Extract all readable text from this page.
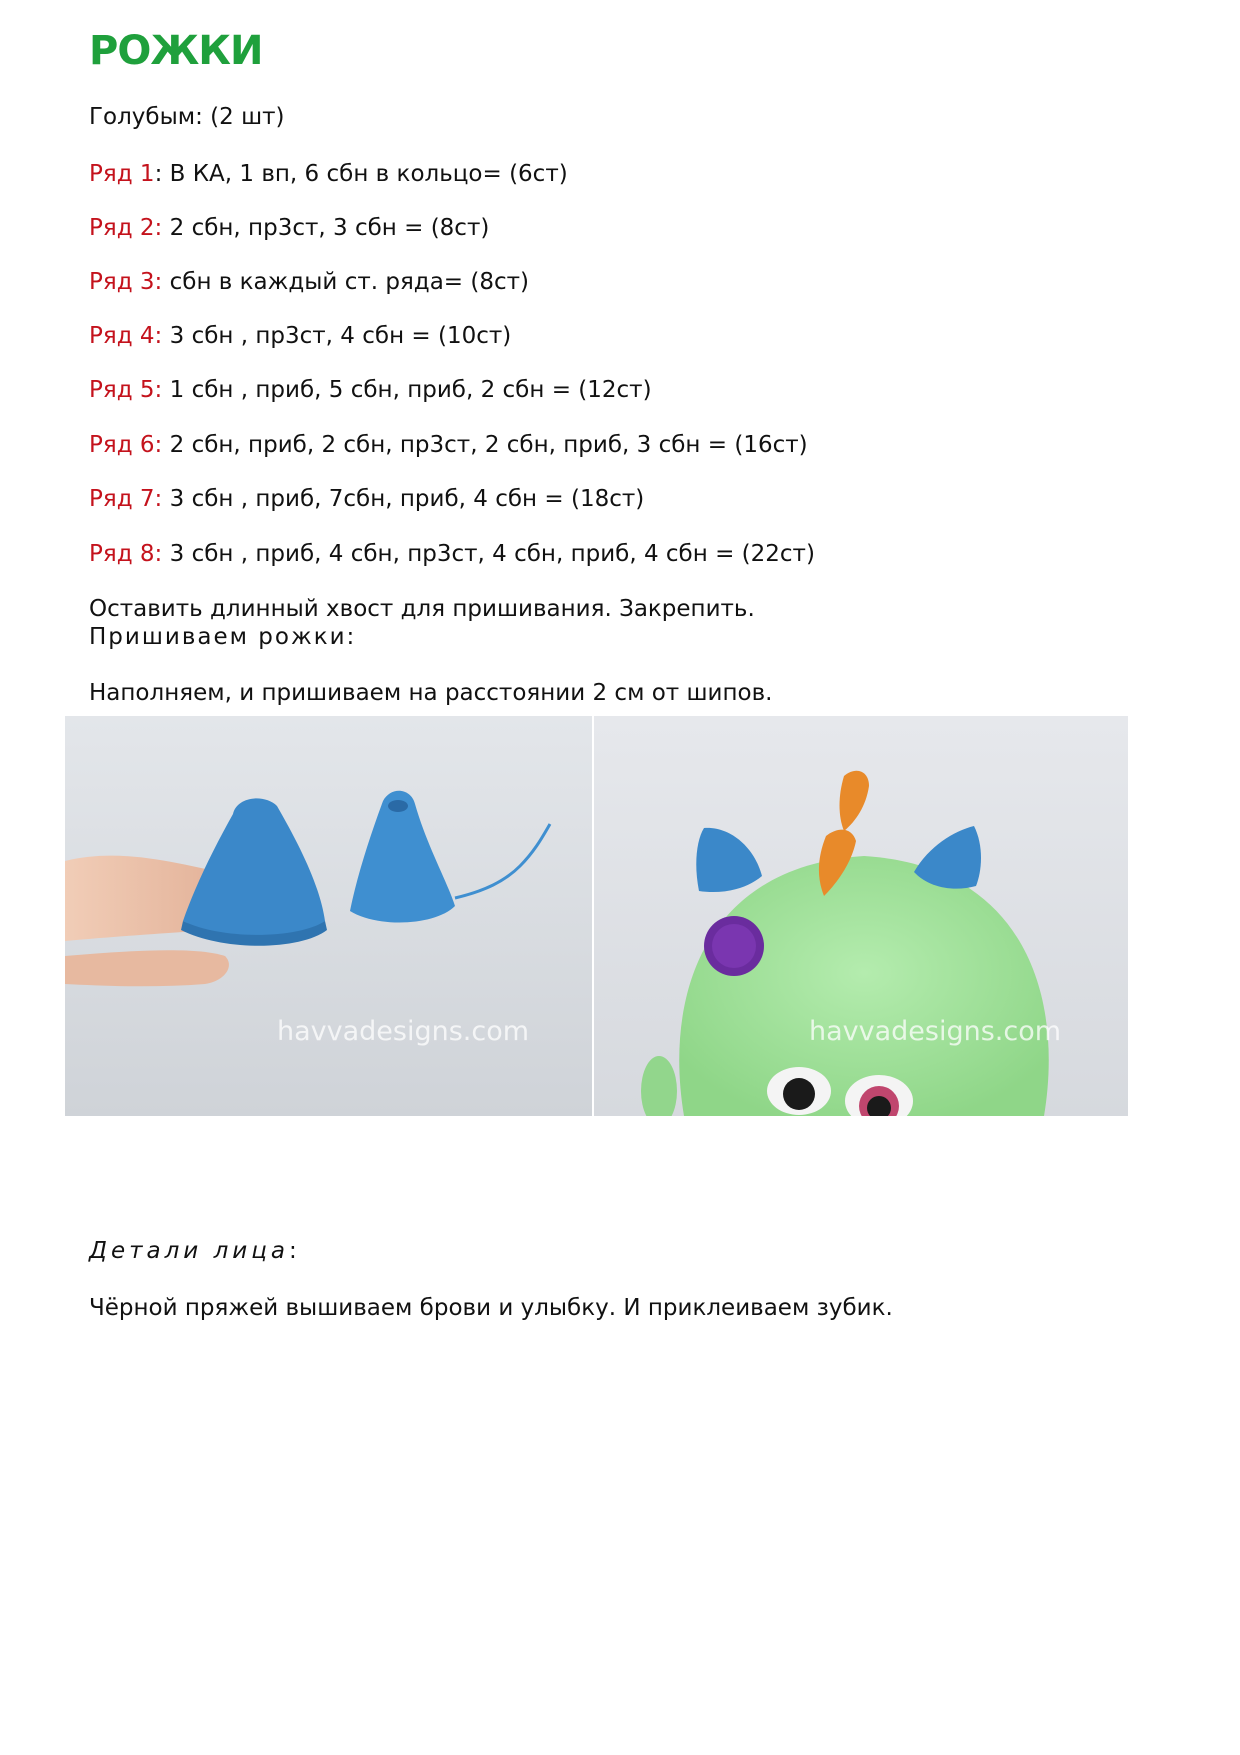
РОЖКИ
Голубым: (2 шт)
Ряд 1: В КА, 1 вп, 6 сбн в кольцо= (6ст)
Ряд 2: 2 сбн, пр3ст, 3 сбн = (8ст)
Ряд 3: сбн в каждый ст. ряда= (8ст)
Ряд 4: 3 сбн , пр3ст, 4 сбн = (10ст)
Ряд 5: 1 сбн , приб, 5 сбн, приб, 2 сбн = (12ст)
Ряд 6: 2 сбн, приб, 2 сбн, пр3ст, 2 сбн, приб, 3 сбн = (16ст)
Ряд 7: 3 сбн , приб, 7сбн, приб, 4 сбн = (18ст)
Ряд 8: 3 сбн , приб, 4 сбн, пр3ст, 4 сбн, приб, 4 сбн = (22ст)
Оставить длинный хвост для пришивания. Закрепить.
Пришиваем рожки:
Наполняем, и пришиваем на расстоянии 2 см от шипов.
havvadesigns.com	havvadesigns.com
Детали лица:
Чёрной пряжей вышиваем брови и улыбку. И приклеиваем зубик.
